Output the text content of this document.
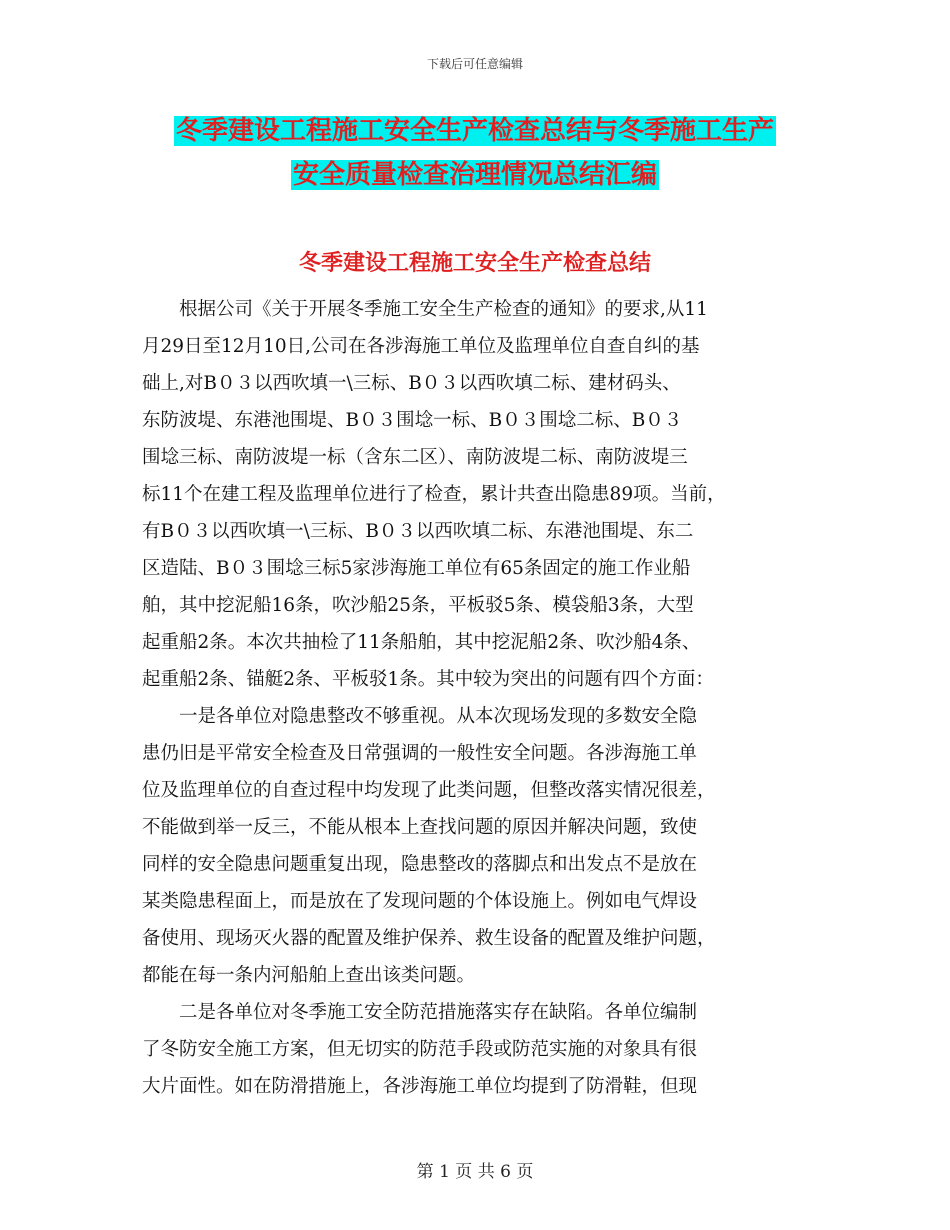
下载后可任意编辑
冬季建设工程施工安全生产检查总结与冬季施工生产
安全质量检查治理情况总结汇编
冬季建设工程施工安全生产检查总结
　　根据公司《关于开展冬季施工安全生产检查的通知》的要求,从11
月29日至12月10日,公司在各涉海施工单位及监理单位自查自纠的基
础上,对B０３以西吹填一\三标、B０３以西吹填二标、建材码头、
东防波堤、东港池围堤、B０３围埝一标、B０３围埝二标、B０３
围埝三标、南防波堤一标（含东二区）、南防波堤二标、南防波堤三
标11个在建工程及监理单位进行了检查，累计共查出隐患89项。当前，
有B０３以西吹填一\三标、B０３以西吹填二标、东港池围堤、东二
区造陆、B０３围埝三标5家涉海施工单位有65条固定的施工作业船
舶，其中挖泥船16条，吹沙船25条，平板驳5条、模袋船3条，大型
起重船2条。本次共抽检了11条船舶，其中挖泥船2条、吹沙船4条、
起重船2条、锚艇2条、平板驳1条。其中较为突出的问题有四个方面：
　　一是各单位对隐患整改不够重视。从本次现场发现的多数安全隐
患仍旧是平常安全检查及日常强调的一般性安全问题。各涉海施工单
位及监理单位的自查过程中均发现了此类问题，但整改落实情况很差，
不能做到举一反三，不能从根本上查找问题的原因并解决问题，致使
同样的安全隐患问题重复出现，隐患整改的落脚点和出发点不是放在
某类隐患程面上，而是放在了发现问题的个体设施上。例如电气焊设
备使用、现场灭火器的配置及维护保养、救生设备的配置及维护问题，
都能在每一条内河船舶上查出该类问题。
　　二是各单位对冬季施工安全防范措施落实存在缺陷。各单位编制
了冬防安全施工方案，但无切实的防范手段或防范实施的对象具有很
大片面性。如在防滑措施上，各涉海施工单位均提到了防滑鞋，但现
第 1 页 共 6 页
